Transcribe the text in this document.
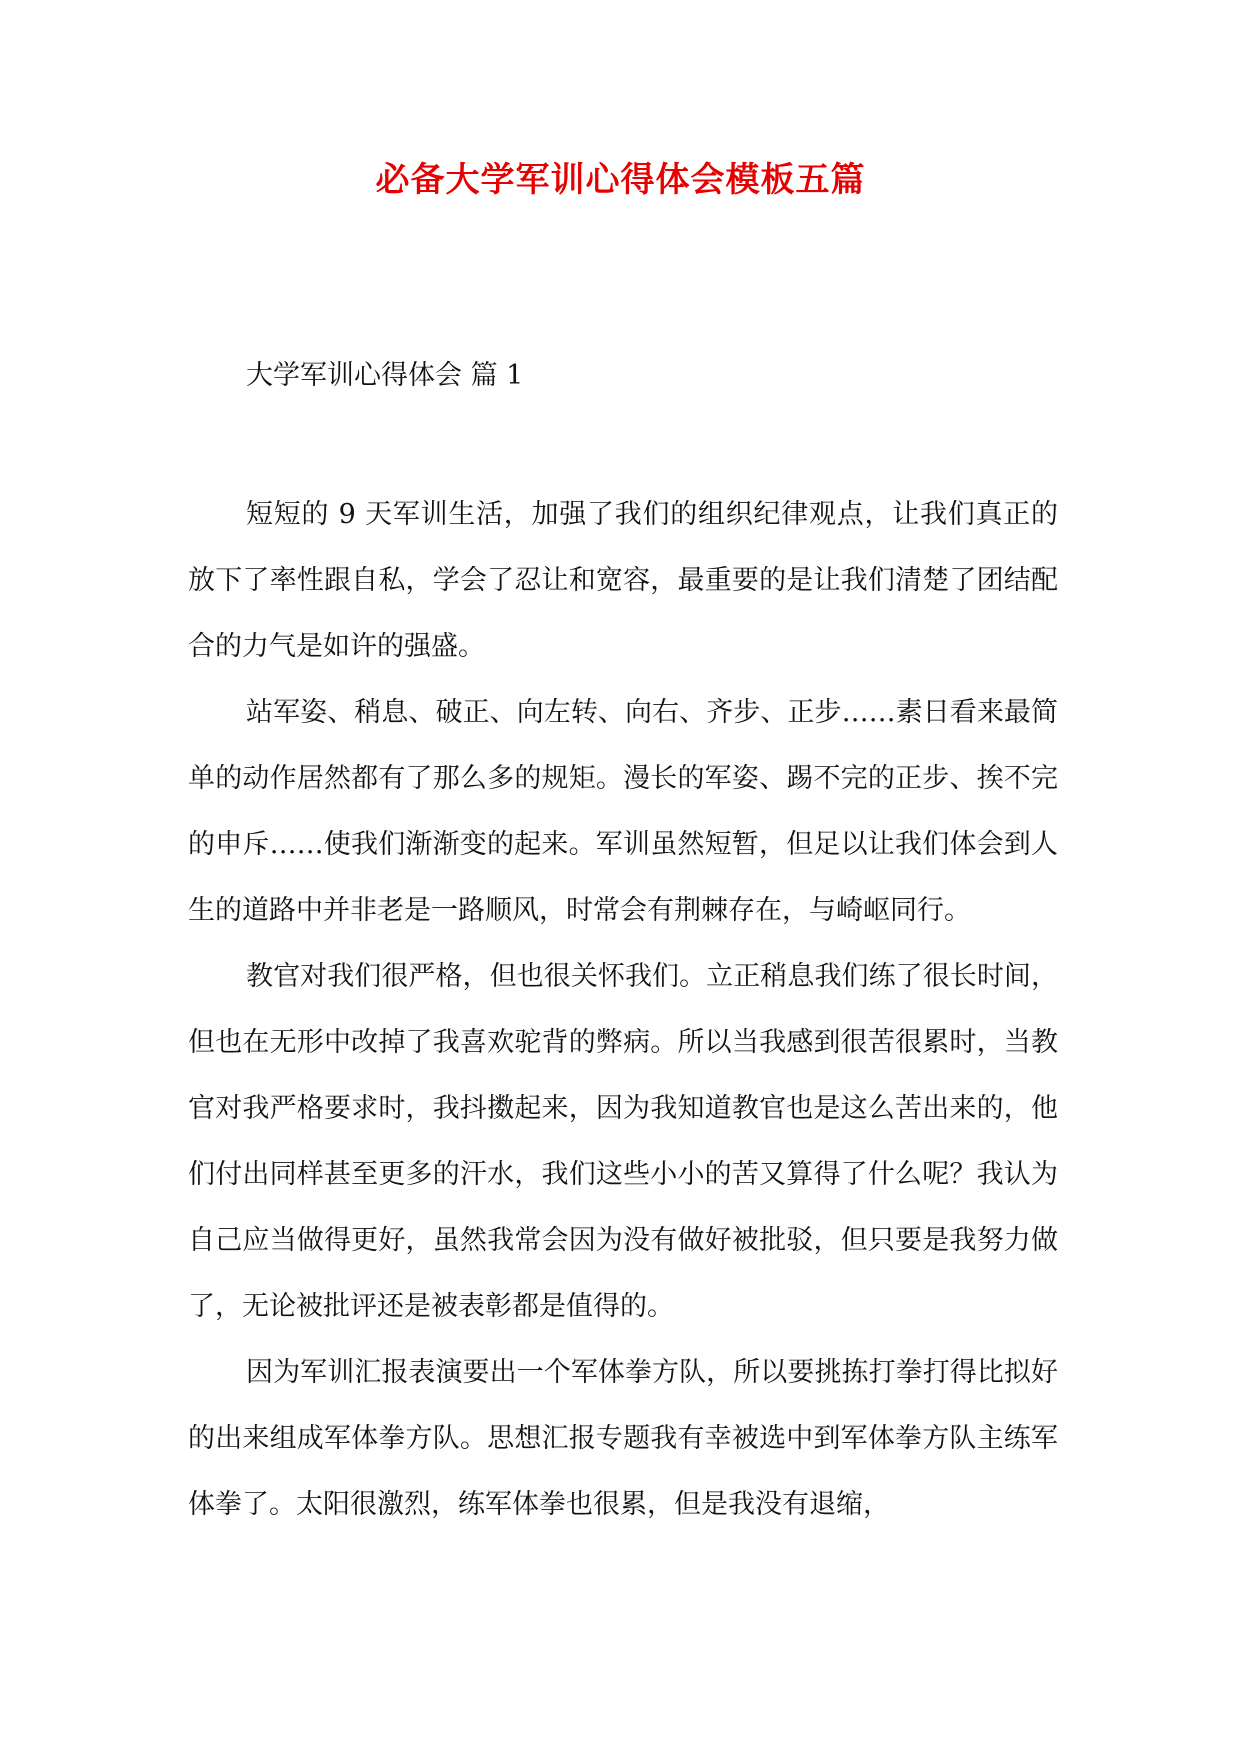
必备大学军训心得体会模板五篇
大学军训心得体会 篇 1

短短的 9 天军训生活，加强了我们的组织纪律观点，让我们真正的放下了率性跟自私，学会了忍让和宽容，最重要的是让我们清楚了团结配合的力气是如许的强盛。

站军姿、稍息、破正、向左转、向右、齐步、正步……素日看来最简单的动作居然都有了那么多的规矩。漫长的军姿、踢不完的正步、挨不完的申斥……使我们渐渐变的起来。军训虽然短暂，但足以让我们体会到人生的道路中并非老是一路顺风，时常会有荆棘存在，与崎岖同行。

教官对我们很严格，但也很关怀我们。立正稍息我们练了很长时间，但也在无形中改掉了我喜欢驼背的弊病。所以当我感到很苦很累时，当教官对我严格要求时，我抖擞起来，因为我知道教官也是这么苦出来的，他们付出同样甚至更多的汗水，我们这些小小的苦又算得了什么呢？我认为自己应当做得更好，虽然我常会因为没有做好被批驳，但只要是我努力做了，无论被批评还是被表彰都是值得的。

因为军训汇报表演要出一个军体拳方队，所以要挑拣打拳打得比拟好的出来组成军体拳方队。思想汇报专题我有幸被选中到军体拳方队主练军体拳了。太阳很激烈，练军体拳也很累，但是我没有退缩，
